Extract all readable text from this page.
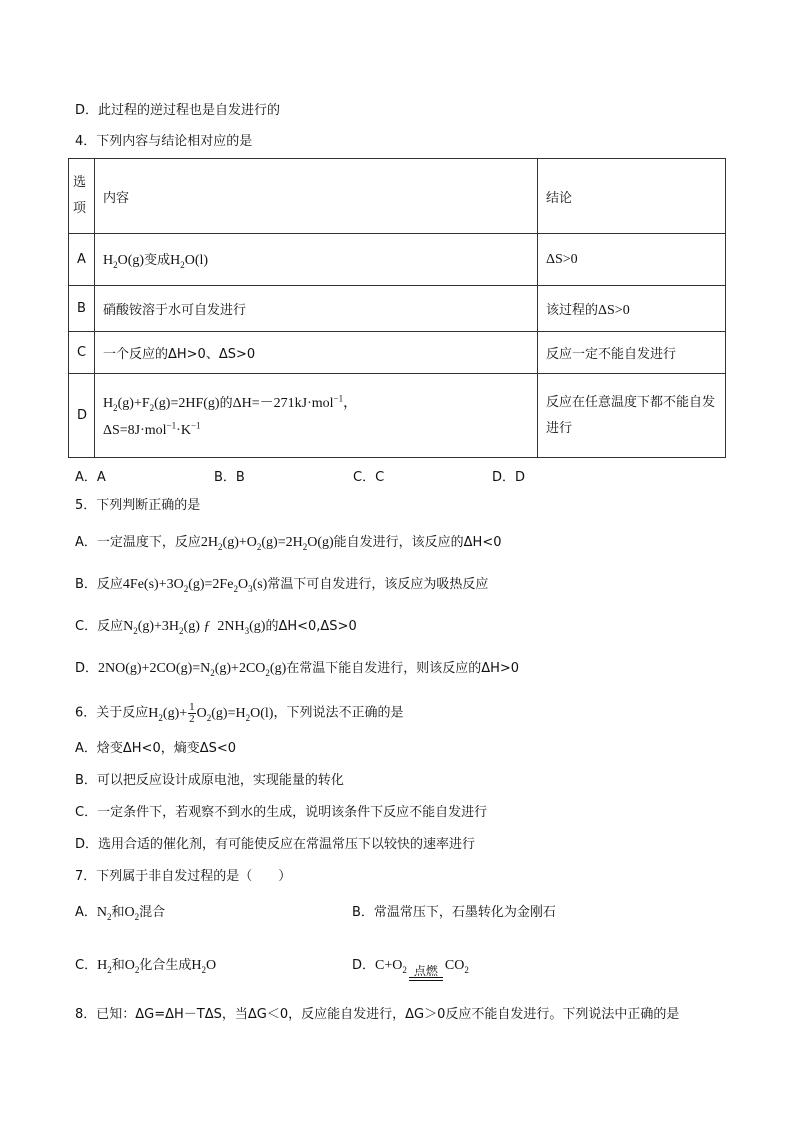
D．此过程的逆过程也是自发进行的
4．下列内容与结论相对应的是
选项	内容	结论
A	$H_2O(g)$变成$H_2O(l)$	ΔS>0
B	硝酸铵溶于水可自发进行	该过程的ΔS>0
C	一个反应的ΔH>0、ΔS>0	反应一定不能自发进行
D	$H_2(g)+F_2(g)=2HF(g)$的ΔH=－271kJ·mol$^{-1}$，
$\Delta S=8J\cdot mol^{-1}\cdot K^{-1}$	反应在任意温度下都不能自发进行
A．A	B．B	C．C	D．D
5．下列判断正确的是
A．一定温度下，反应$2H_2(g)+O_2(g)=2H_2O(g)$能自发进行，该反应的ΔH<0
B．反应$4Fe(s)+3O_2(g)=2Fe_2O_3(s)$常温下可自发进行，该反应为吸热反应
C．反应$N_2(g)+3H_2(g)$ ƒ  $2NH_3(g)$的ΔH<0,ΔS>0
D．$2NO(g)+2CO(g)=N_2(g)+2CO_2(g)$在常温下能自发进行，则该反应的ΔH>0
6．关于反应$H_2(g)+ \frac{1}{2} O_2(g)=H_2O(l)$，下列说法不正确的是
A．焓变ΔH<0，熵变ΔS<0
B．可以把反应设计成原电池，实现能量的转化
C．一定条件下，若观察不到水的生成，说明该条件下反应不能自发进行
D．选用合适的催化剂，有可能使反应在常温常压下以较快的速率进行
7．下列属于非自发过程的是（　　）
A．$N_2$和$O_2$混合	B．常温常压下，石墨转化为金刚石
C．$H_2$和$O_2$化合生成$H_2O$	D．$C+O_2$ 点燃 $CO_2$
8．已知：ΔG=ΔH－TΔS，当ΔG＜0，反应能自发进行，ΔG＞0反应不能自发进行。下列说法中正确的是
